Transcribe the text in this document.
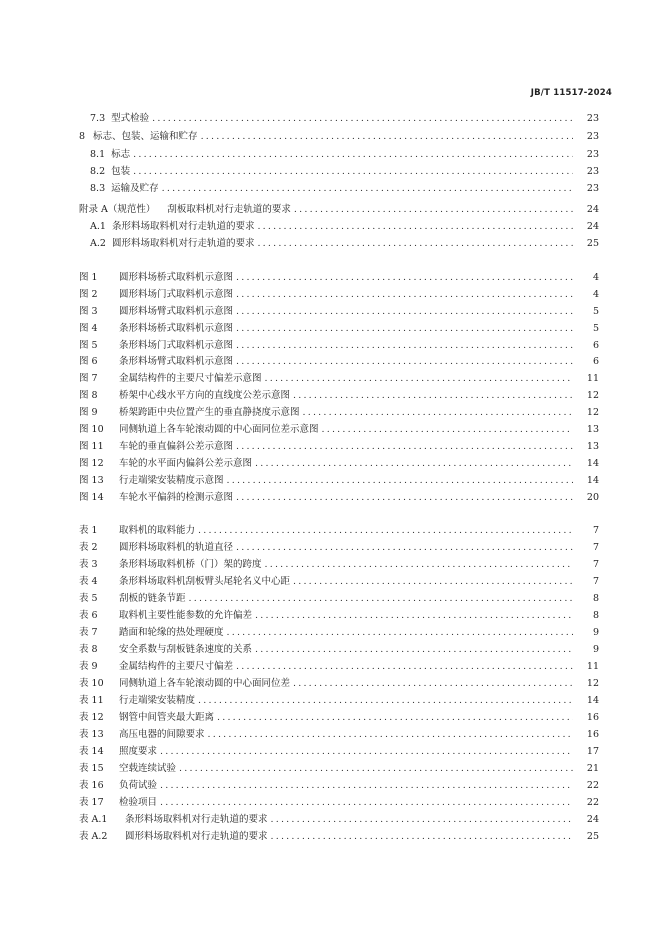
JB/T 11517-2024
7.3 型式检验 .....	23
8 标志、包装、运输和贮存 .....	23
8.1 标志 .....	23
8.2 包装 .....	23
8.3 运输及贮存 .....	23
附录 A（规范性）	刮板取料机对行走轨道的要求 .....	24
A.1 条形料场取料机对行走轨道的要求 .....	24
A.2 圆形料场取料机对行走轨道的要求 .....	25
图 1	圆形料场桥式取料机示意图 .....	4
图 2	圆形料场门式取料机示意图 .....	4
图 3	圆形料场臂式取料机示意图 .....	5
图 4	条形料场桥式取料机示意图 .....	5
图 5	条形料场门式取料机示意图 .....	6
图 6	条形料场臂式取料机示意图 .....	6
图 7	金属结构件的主要尺寸偏差示意图 .....	11
图 8	桥架中心线水平方向的直线度公差示意图 .....	12
图 9	桥架跨距中央位置产生的垂直静挠度示意图 .....	12
图 10	同侧轨道上各车轮滚动圆的中心面同位差示意图 .....	13
图 11	车轮的垂直偏斜公差示意图 .....	13
图 12	车轮的水平面内偏斜公差示意图 .....	14
图 13	行走端梁安装精度示意图 .....	14
图 14	车轮水平偏斜的检测示意图 .....	20
表 1	取料机的取料能力 .....	7
表 2	圆形料场取料机的轨道直径 .....	7
表 3	条形料场取料机桥（门）架的跨度 .....	7
表 4	条形料场取料机刮板臂头尾轮名义中心距 .....	7
表 5	刮板的链条节距 .....	8
表 6	取料机主要性能参数的允许偏差 .....	8
表 7	踏面和轮缘的热处理硬度 .....	9
表 8	安全系数与刮板链条速度的关系 .....	9
表 9	金属结构件的主要尺寸偏差 .....	11
表 10	同侧轨道上各车轮滚动圆的中心面同位差 .....	12
表 11	行走端梁安装精度 .....	14
表 12	钢管中间管夹最大距离 .....	16
表 13	高压电器的间隙要求 .....	16
表 14	照度要求 .....	17
表 15	空载连续试验 .....	21
表 16	负荷试验 .....	22
表 17	检验项目 .....	22
表 A.1	条形料场取料机对行走轨道的要求 .....	24
表 A.2	圆形料场取料机对行走轨道的要求 .....	25
